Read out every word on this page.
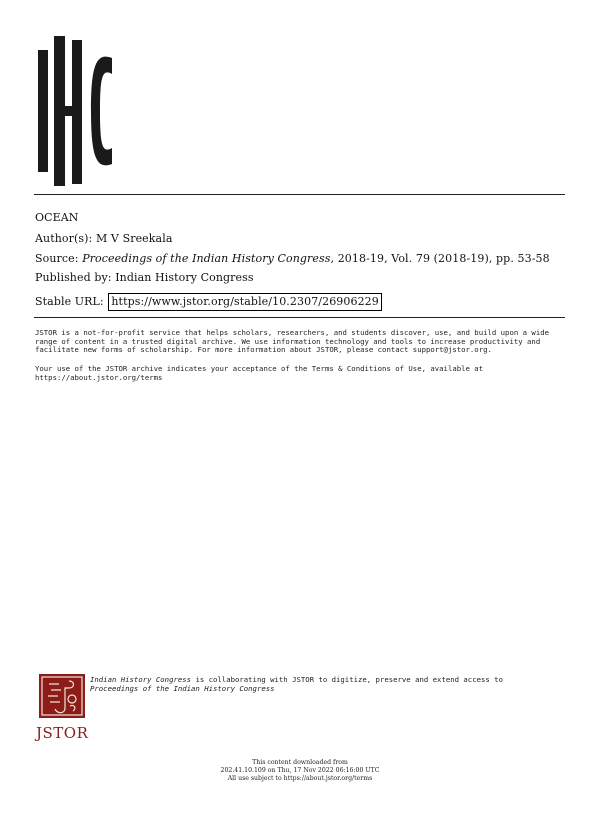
OCEAN
Author(s): M V Sreekala
Source: Proceedings of the Indian History Congress, 2018-19, Vol. 79 (2018-19), pp. 53-58
Published by: Indian History Congress
Stable URL: https://www.jstor.org/stable/10.2307/26906229
JSTOR is a not-for-profit service that helps scholars, researchers, and students discover, use, and build upon a wide
range of content in a trusted digital archive. We use information technology and tools to increase productivity and
facilitate new forms of scholarship. For more information about JSTOR, please contact support@jstor.org.
Your use of the JSTOR archive indicates your acceptance of the Terms & Conditions of Use, available at
https://about.jstor.org/terms
JSTOR
Indian History Congress is collaborating with JSTOR to digitize, preserve and extend access to
Proceedings of the Indian History Congress
This content downloaded from
202.41.10.109 on Thu, 17 Nov 2022 06:16:00 UTC
All use subject to https://about.jstor.org/terms
